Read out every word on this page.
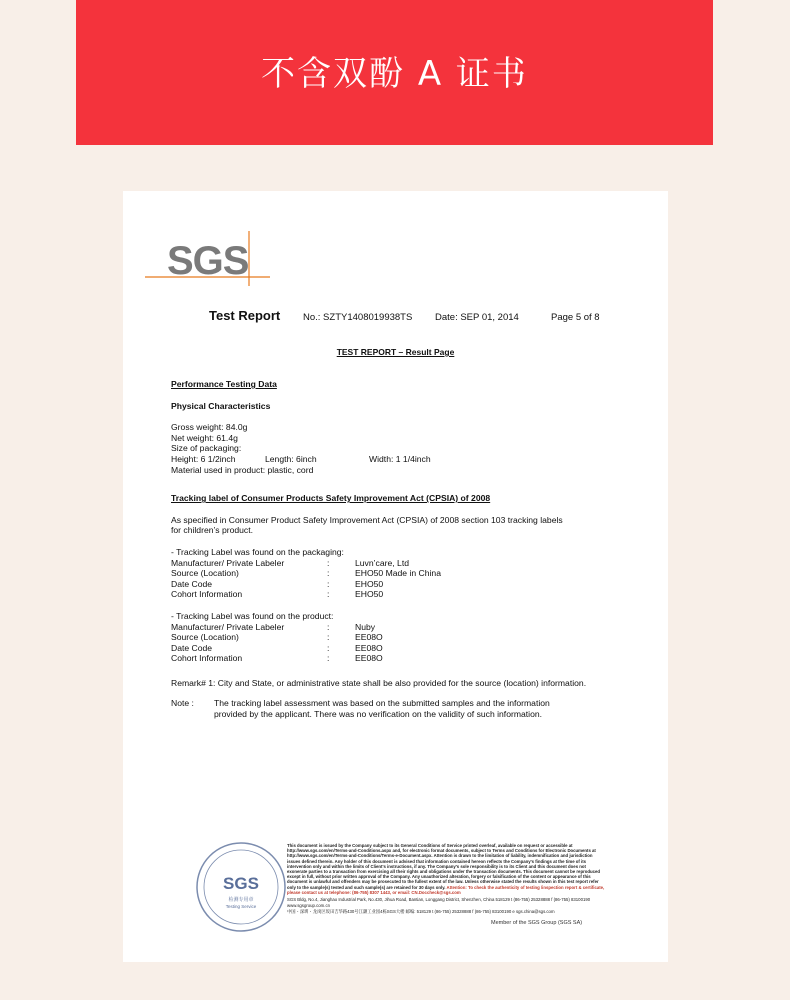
不含双酚 A 证书
SGS
Test Report No.: SZTY1408019938TS Date: SEP 01, 2014	Page 5 of 8
TEST REPORT – Result Page
Performance Testing Data
Physical Characteristics
Gross weight: 84.0g
Net weight: 61.4g
Size of packaging:
Height: 6 1/2inch	Length: 6inch	Width: 1 1/4inch
Material used in product: plastic, cord
Tracking label of Consumer Products Safety Improvement Act (CPSIA) of 2008
As specified in Consumer Product Safety Improvement Act (CPSIA) of 2008 section 103 tracking labels
for children’s product.
- Tracking Label was found on the packaging:
Manufacturer/ Private Labeler	:	Luvn’care, Ltd
Source (Location)	:	EHO50 Made in China
Date Code	:	EHO50
Cohort Information	:	EHO50
- Tracking Label was found on the product:
Manufacturer/ Private Labeler	:	Nuby
Source (Location)	:	EE08O
Date Code	:	EE08O
Cohort Information	:	EE08O
Remark# 1: City and State, or administrative state shall be also provided for the source (location) information.
Note : The tracking label assessment was based on the submitted samples and the information
provided by the applicant. There was no verification on the validity of such information.
SGS
检测专用章
Testing Service
This document is issued by the Company subject to its General Conditions of Service printed overleaf, available on request or accessible at http://www.sgs.com/en/Terms-and-Conditions.aspx and, for electronic format documents, subject to Terms and Conditions for Electronic Documents at http://www.sgs.com/en/Terms-and-Conditions/Terms-e-Document.aspx. Attention is drawn to the limitation of liability, indemnification and jurisdiction issues defined therein. Any holder of this document is advised that information contained hereon reflects the Company's findings at the time of its intervention only and within the limits of Client's instructions, if any. The Company's sole responsibility is to its Client and this document does not exonerate parties to a transaction from exercising all their rights and obligations under the transaction documents. This document cannot be reproduced except in full, without prior written approval of the Company. Any unauthorized alteration, forgery or falsification of the content or appearance of this document is unlawful and offenders may be prosecuted to the fullest extent of the law. Unless otherwise stated the results shown in this test report refer only to the sample(s) tested and such sample(s) are retained for 30 days only. Attention: To check the authenticity of testing /inspection report & certificate, please contact us at telephone: (86-755) 8307 1443, or email: CN.Doccheck@sgs.com
SGS Bldg, No.4, Jianghao Industrial Park, No.430, Jihua Road, Bantian, Longgang District, Shenzhen, China 518129 t (86-755) 25328888 f (86-755) 83100190 www.sgsgroup.com.cn
中国・深圳・龙岗区坂田吉华路430号江灏工业园4栋SGS大楼 邮编: 518129 t (86-755) 25328888 f (86-755) 83100190 e sgs.china@sgs.com
Member of the SGS Group (SGS SA)
